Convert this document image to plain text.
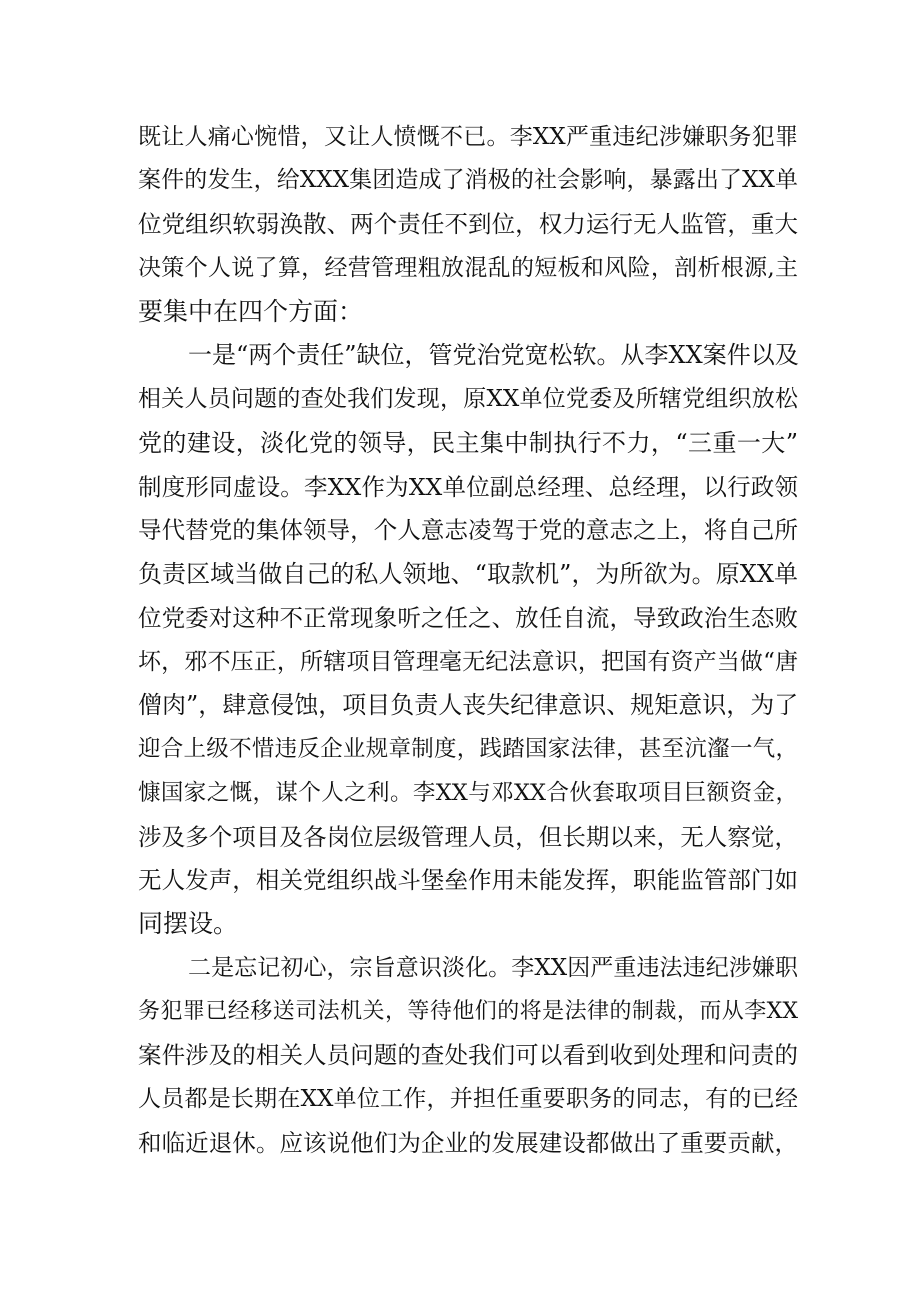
既让人痛心惋惜，又让人愤慨不已。李XX严重违纪涉嫌职务犯罪
案件的发生，给XXX集团造成了消极的社会影响，暴露出了XX单
位党组织软弱涣散、两个责任不到位，权力运行无人监管，重大
决策个人说了算，经营管理粗放混乱的短板和风险，剖析根源,主
要集中在四个方面：
一是“两个责任”缺位，管党治党宽松软。从李XX案件以及
相关人员问题的查处我们发现，原XX单位党委及所辖党组织放松
党的建设，淡化党的领导，民主集中制执行不力，“三重一大”
制度形同虚设。李XX作为XX单位副总经理、总经理，以行政领
导代替党的集体领导，个人意志凌驾于党的意志之上，将自己所
负责区域当做自己的私人领地、“取款机”，为所欲为。原XX单
位党委对这种不正常现象听之任之、放任自流，导致政治生态败
坏，邪不压正，所辖项目管理毫无纪法意识，把国有资产当做“唐
僧肉”，肆意侵蚀，项目负责人丧失纪律意识、规矩意识，为了
迎合上级不惜违反企业规章制度，践踏国家法律，甚至沆瀣一气，
慷国家之慨，谋个人之利。李XX与邓XX合伙套取项目巨额资金，
涉及多个项目及各岗位层级管理人员，但长期以来，无人察觉，
无人发声，相关党组织战斗堡垒作用未能发挥，职能监管部门如
同摆设。
二是忘记初心，宗旨意识淡化。李XX因严重违法违纪涉嫌职
务犯罪已经移送司法机关，等待他们的将是法律的制裁，而从李XX
案件涉及的相关人员问题的查处我们可以看到收到处理和问责的
人员都是长期在XX单位工作，并担任重要职务的同志，有的已经
和临近退休。应该说他们为企业的发展建设都做出了重要贡献，
